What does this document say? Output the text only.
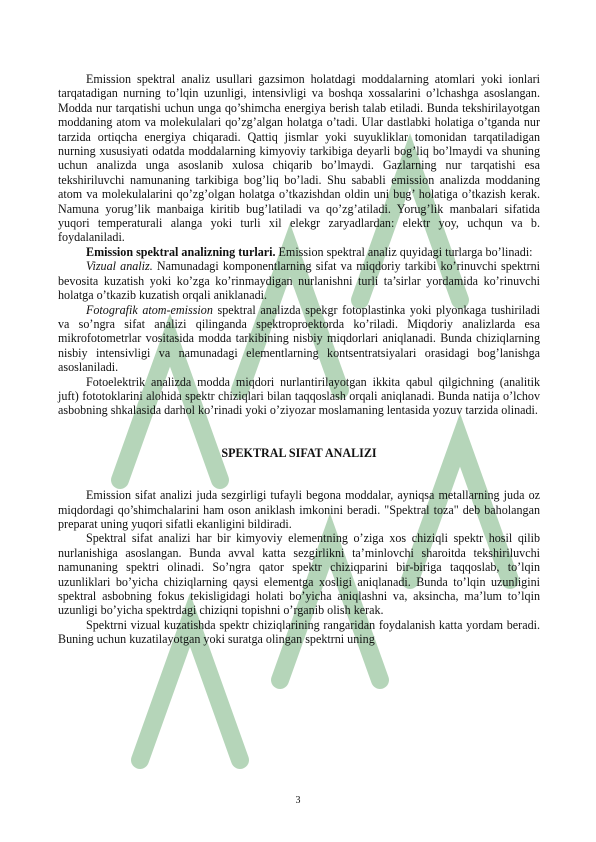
Emission spektral analiz usullari gazsimon holatdagi moddalarning atomlari yoki ionlari tarqatadigan nurning to’lqin uzunligi, intensivligi va boshqa xossalarini o’lchashga asoslangan. Modda nur tarqatishi uchun unga qo’shimcha energiya berish talab etiladi. Bunda tekshirilayotgan moddaning atom va molekulalari qo’zg’algan holatga o’tadi. Ular dastlabki holatiga o’tganda nur tarzida ortiqcha energiya chiqaradi. Qattiq jismlar yoki suyukliklar tomonidan tarqatiladigan nurning xususiyati odatda moddalarning kimyoviy tarkibiga deyarli bog’liq bo’lmaydi va shuning uchun analizda unga asoslanib xulosa chiqarib bo’lmaydi. Gazlarning nur tarqatishi esa tekshiriluvchi namunaning tarkibiga bog’liq bo’ladi. Shu sababli emission analizda moddaning atom va molekulalarini qo’zg’olgan holatga o’tkazishdan oldin uni bug’ holatiga o’tkazish kerak. Namuna yorug’lik manbaiga kiritib bug’latiladi va qo’zg’atiladi. Yorug’lik manbalari sifatida yuqori temperaturali alanga yoki turli xil elekgr zaryadlardan: elektr yoy, uchqun va b. foydalaniladi.

Emission spektral analizning turlari. Emission spektral analiz quyidagi turlarga bo’linadi:

Vizual analiz. Namunadagi komponentlarning sifat va miqdoriy tarkibi ko’rinuvchi spektrni bevosita kuzatish yoki ko’zga ko’rinmaydigan nurlanishni turli ta’sirlar yordamida ko’rinuvchi holatga o’tkazib kuzatish orqali aniklanadi.

Fotografik atom-emission spektral analizda spekgr fotoplastinka yoki plyonkaga tushiriladi va so’ngra sifat analizi qilinganda spektroproektorda ko’riladi. Miqdoriy analizlarda esa mikrofotometrlar vositasida modda tarkibining nisbiy miqdorlari aniqlanadi. Bunda chiziqlarning nisbiy intensivligi va namunadagi elementlarning kontsentratsiyalari orasidagi bog’lanishga asoslaniladi.

Fotoelektrik analizda modda miqdori nurlantirilayotgan ikkita qabul qilgichning (analitik juft) fototoklarini alohida spektr chiziqlari bilan taqqoslash orqali aniqlanadi. Bunda natija o’lchov asbobning shkalasida darhol ko’rinadi yoki o’ziyozar moslamaning lentasida yozuv tarzida olinadi.

SPEKTRAL SIFAT ANALIZI

Emission sifat analizi juda sezgirligi tufayli begona moddalar, ayniqsa metallarning juda oz miqdordagi qo’shimchalarini ham oson aniklash imkonini beradi. "Spektral toza" deb baholangan preparat uning yuqori sifatli ekanligini bildiradi.

Spektral sifat analizi har bir kimyoviy elementning o’ziga xos chiziqli spektr hosil qilib nurlanishiga asoslangan. Bunda avval katta sezgirlikni ta’minlovchi sharoitda tekshiriluvchi namunaning spektri olinadi. So’ngra qator spektr chiziqparini bir-biriga taqqoslab, to’lqin uzunliklari bo’yicha chiziqlarning qaysi elementga xosligi aniqlanadi. Bunda to’lqin uzunligini spektral asbobning fokus tekisligidagi holati bo’yicha aniqlashni va, aksincha, ma’lum to’lqin uzunligi bo’yicha spektrdagi chiziqni topishni o’rganib olish kerak.

Spektrni vizual kuzatishda spektr chiziqlarining rangaridan foydalanish katta yordam beradi. Buning uchun kuzatilayotgan yoki suratga olingan spektrni uning

3
